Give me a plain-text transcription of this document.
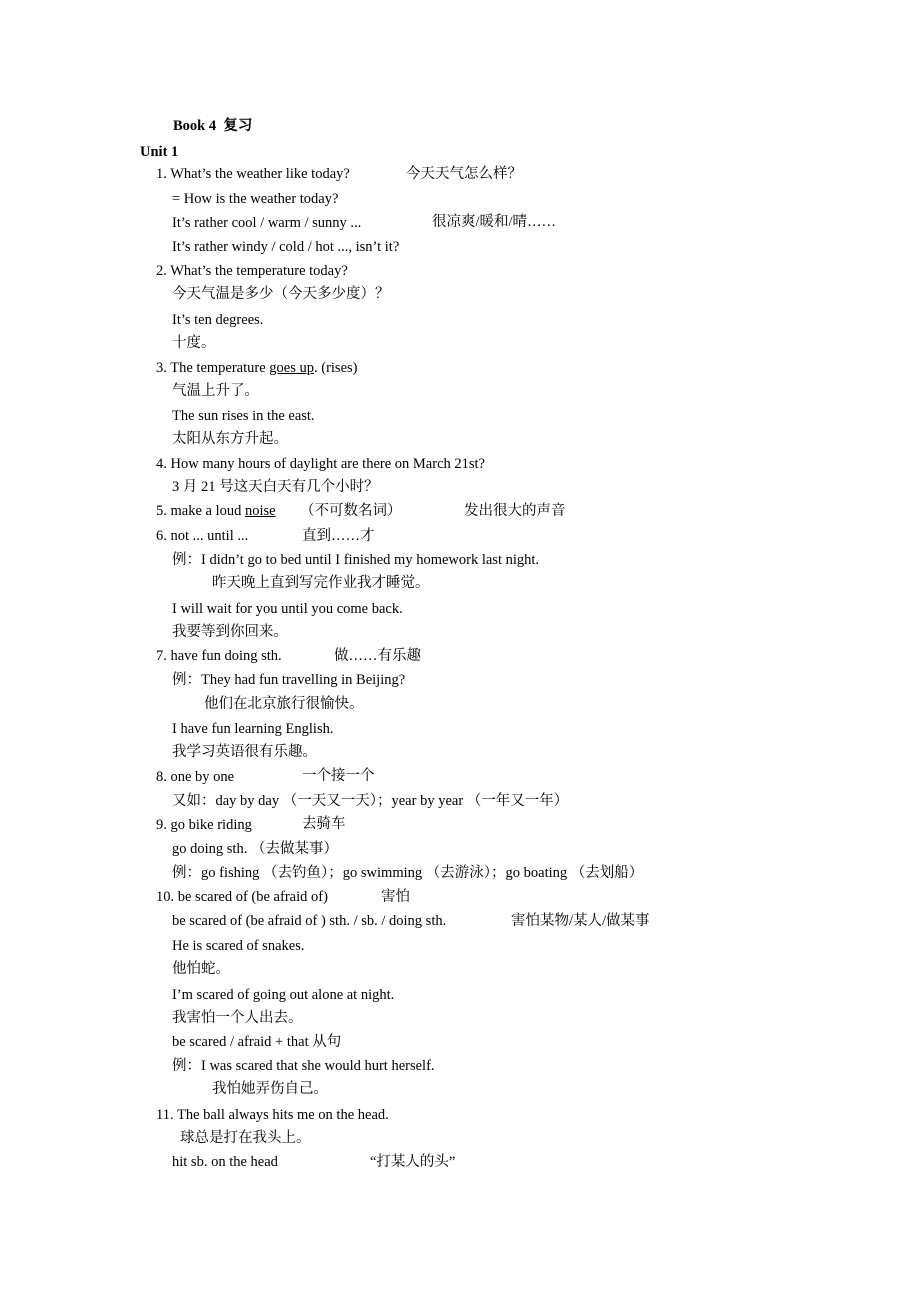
Book 4 复习
Unit 1
1. What’s the weather like today?	今天天气怎么样？
= How is the weather today?
It’s rather cool / warm / sunny ...	很凉爽/暖和/晴……
It’s rather windy / cold / hot ..., isn’t it?
2. What’s the temperature today?
今天气温是多少（今天多少度）？
It’s ten degrees.
十度。
3. The temperature goes up. (rises)
气温上升了。
The sun rises in the east.
太阳从东方升起。
4. How many hours of daylight are there on March 21st?
3 月 21 号这天白天有几个小时？
5. make a loud noise （不可数名词）	发出很大的声音
6. not ... until ...	直到……才
例：I didn’t go to bed until I finished my homework last night.
昨天晚上直到写完作业我才睡觉。
I will wait for you until you come back.
我要等到你回来。
7. have fun doing sth.	做……有乐趣
例：They had fun travelling in Beijing?
他们在北京旅行很愉快。
I have fun learning English.
我学习英语很有乐趣。
8. one by one	一个接一个
又如：day by day （一天又一天）；year by year （一年又一年）
9. go bike riding	去骑车
go doing sth. （去做某事）
例：go fishing （去钓鱼）；go swimming （去游泳）；go boating （去划船）
10. be scared of (be afraid of)	害怕
be scared of (be afraid of ) sth. / sb. / doing sth.	害怕某物/某人/做某事
He is scared of snakes.
他怕蛇。
I’m scared of going out alone at night.
我害怕一个人出去。
be scared / afraid + that 从句
例：I was scared that she would hurt herself.
我怕她弄伤自己。
11. The ball always hits me on the head.
球总是打在我头上。
hit sb. on the head	“打某人的头”
